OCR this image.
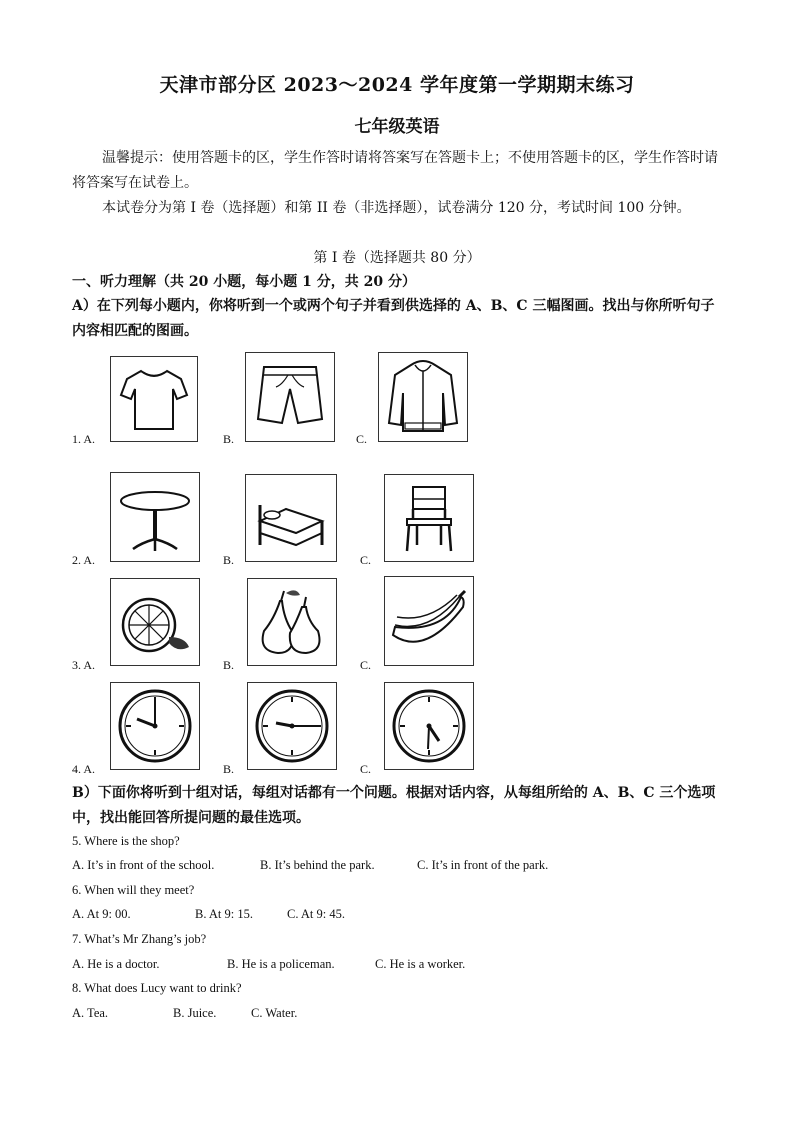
天津市部分区 2023～2024 学年度第一学期期末练习
七年级英语
温馨提示：使用答题卡的区，学生作答时请将答案写在答题卡上；不使用答题卡的区，学生作答时请将答案写在试卷上。
本试卷分为第 I 卷（选择题）和第 II 卷（非选择题），试卷满分 120 分，考试时间 100 分钟。
第 I 卷（选择题共 80 分）
一、听力理解（共 20 小题，每小题 1 分，共 20 分）
A）在下列每小题内，你将听到一个或两个句子并看到供选择的 A、B、C 三幅图画。找出与你所听句子内容相匹配的图画。
1. A.	B.	C.
2. A.	B.	C.
3. A.	B.	C.
4. A.	B.	C.
B）下面你将听到十组对话，每组对话都有一个问题。根据对话内容，从每组所给的 A、B、C 三个选项中，找出能回答所提问题的最佳选项。
5. Where is the shop?
A. It’s in front of the school.	B. It’s behind the park.	C. It’s in front of the park.
6. When will they meet?
A. At 9: 00.	B. At 9: 15.	C. At 9: 45.
7. What’s Mr Zhang’s job?
A. He is a doctor.	B. He is a policeman.	C. He is a worker.
8. What does Lucy want to drink?
A. Tea.	B. Juice.	C. Water.
